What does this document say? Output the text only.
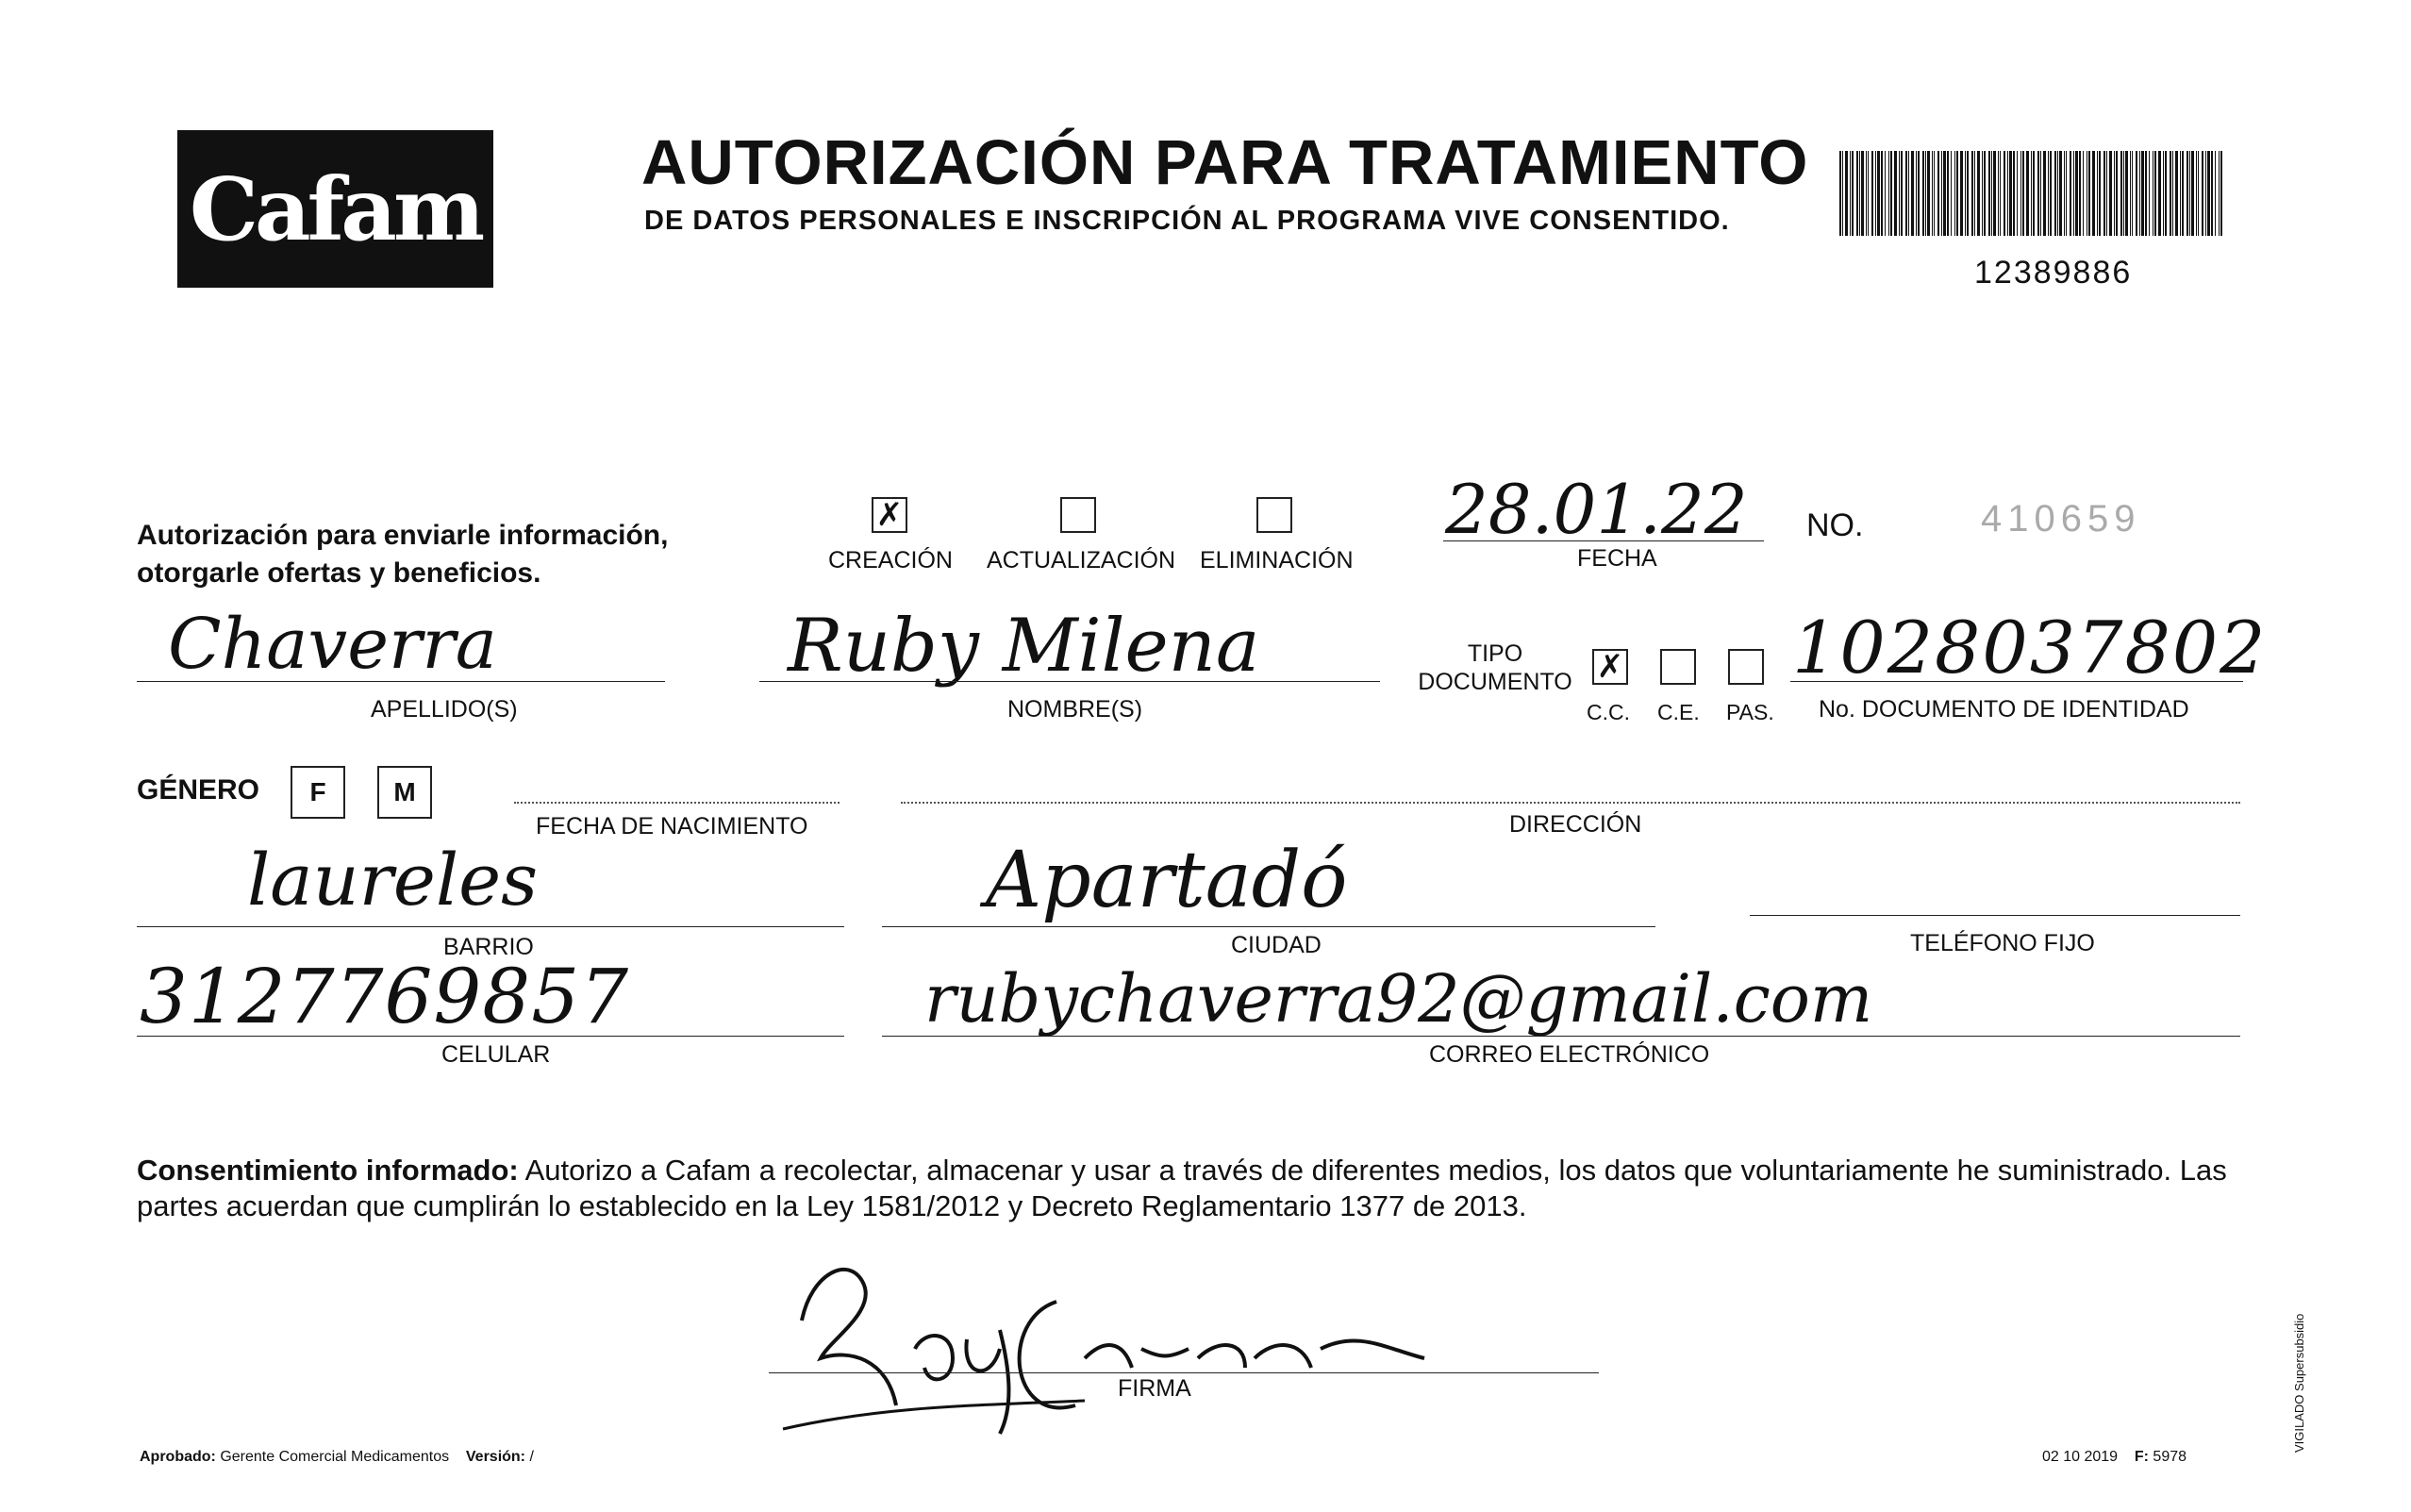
Cafam	AUTORIZACIÓN PARA TRATAMIENTO
DE DATOS PERSONALES E INSCRIPCIÓN AL PROGRAMA VIVE CONSENTIDO.
12389886
Autorización para enviarle información, otorgarle ofertas y beneficios.
✗
CREACIÓN ACTUALIZACIÓN ELIMINACIÓN
28.01.22
FECHA
NO.	410659
Chaverra
APELLIDO(S)
Ruby Milena
NOMBRE(S)
TIPO DOCUMENTO ✗
C.C. C.E. PAS.
1028037802
No. DOCUMENTO DE IDENTIDAD
GÉNERO	F	M
FECHA DE NACIMIENTO	DIRECCIÓN
laureles
BARRIO
Apartadó
CIUDAD	TELÉFONO FIJO
3127769857
CELULAR
rubychaverra92@gmail.com
CORREO ELECTRÓNICO
Consentimiento informado: Autorizo a Cafam a recolectar, almacenar y usar a través de diferentes medios, los datos que voluntariamente he suministrado. Las partes acuerdan que cumplirán lo establecido en la Ley 1581/2012 y Decreto Reglamentario 1377 de 2013.
FIRMA
Aprobado: Gerente Comercial Medicamentos Versión: /	02 10 2019 F: 5978
VIGILADO Supersubsidio
